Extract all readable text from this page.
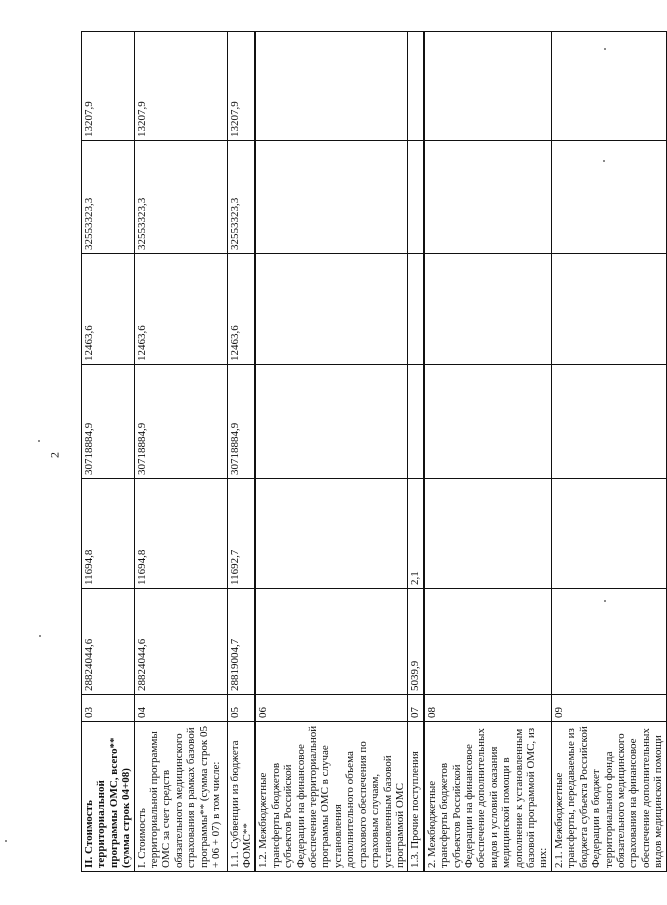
2
II. Стоимость территориальной программы ОМС, всего** (сумма строк 04+08)	03	28824044,6	11694,8	30718884,9	12463,6	32553323,3	13207,9
I. Стоимость территориальной программы ОМС за счет средств обязательного медицинского страхования в рамках базовой программы** (сумма строк 05 + 06 + 07) в том числе:	04	28824044,6	11694,8	30718884,9	12463,6	32553323,3	13207,9
1.1. Субвенции из бюджета ФОМС**	05	28819004,7	11692,7	30718884,9	12463,6	32553323,3	13207,9
1.2. Межбюджетные трансферты бюджетов субъектов Российской Федерации на финансовое обеспечение территориальной программы ОМС в случае установления дополнительного объема страхового обеспечения по страховым случаям, установленным базовой программой ОМС	06						
1.3. Прочие поступления	07	5039,9	2,1				
2. Межбюджетные трансферты бюджетов субъектов Российской Федерации на финансовое обеспечение дополнительных видов и условий оказания медицинской помощи в дополнение к установленным базовой программой ОМС, из них:	08						
2.1. Межбюджетные трансферты, передаваемые из бюджета субъекта Российской Федерации в бюджет территориального фонда обязательного медицинского страхования на финансовое обеспечение дополнительных видов медицинской помощи	09						
